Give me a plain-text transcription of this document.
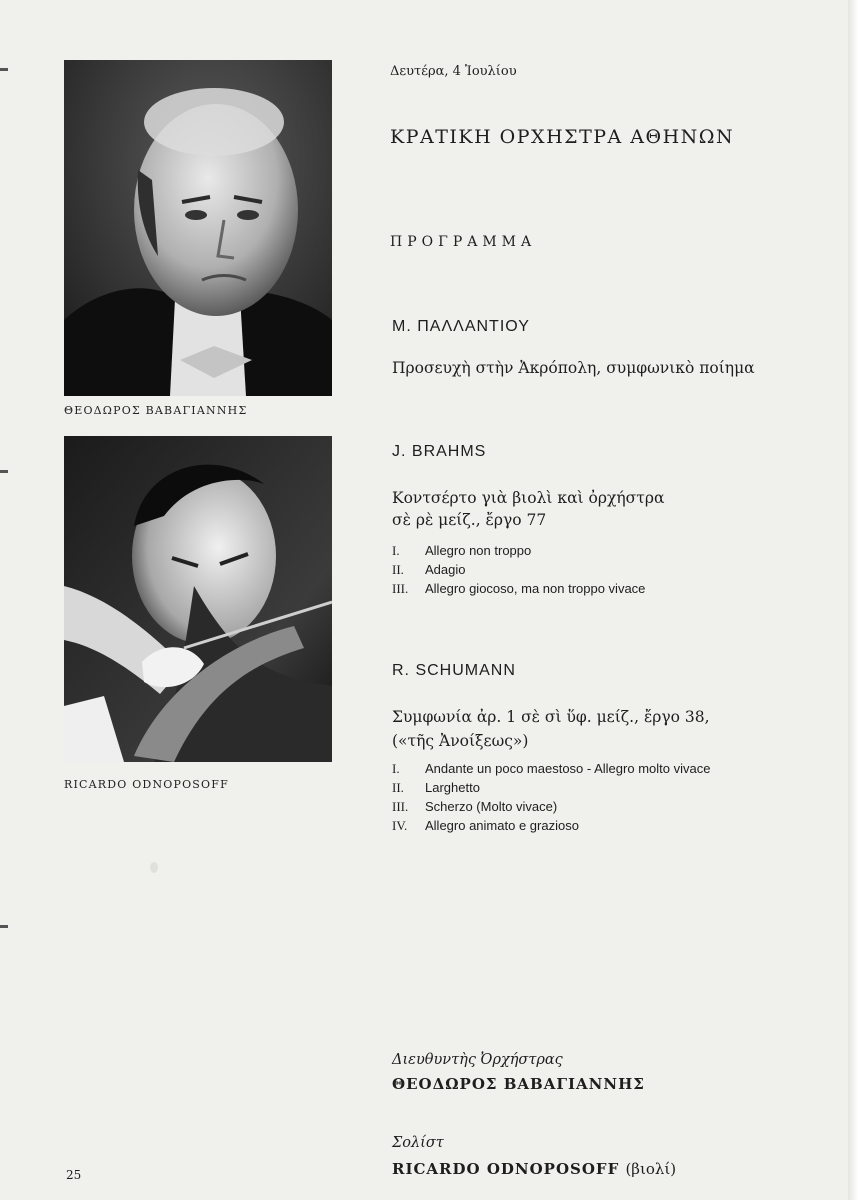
ΘΕΟΔΩΡΟΣ ΒΑΒΑΓΙΑΝΝΗΣ
RICARDO ODNOPOSOFF
Δευτέρα, 4 Ἰουλίου
ΚΡΑΤΙΚΗ ΟΡΧΗΣΤΡΑ ΑΘΗΝΩΝ
ΠΡΟΓΡΑΜΜΑ
Μ. ΠΑΛΛΑΝΤΙΟΥ
Προσευχὴ στὴν Ἀκρόπολη, συμφωνικὸ ποίημα
J. BRAHMS
Κοντσέρτο γιὰ βιολὶ καὶ ὀρχήστρα
σὲ ρὲ μείζ., ἔργο 77
I. Allegro non troppo
II. Adagio
III. Allegro giocoso, ma non troppo vivace
R. SCHUMANN
Συμφωνία ἀρ. 1 σὲ σὶ ὕφ. μείζ., ἔργο 38,
(«τῆς Ἀνοίξεως»)
I. Andante un poco maestoso - Allegro molto vivace
II. Larghetto
III. Scherzo (Molto vivace)
IV. Allegro animato e grazioso
Διευθυντὴς Ὀρχήστρας
ΘΕΟΔΩΡΟΣ ΒΑΒΑΓΙΑΝΝΗΣ
Σολίστ
RICARDO ODNOPOSOFF (βιολί)
25
